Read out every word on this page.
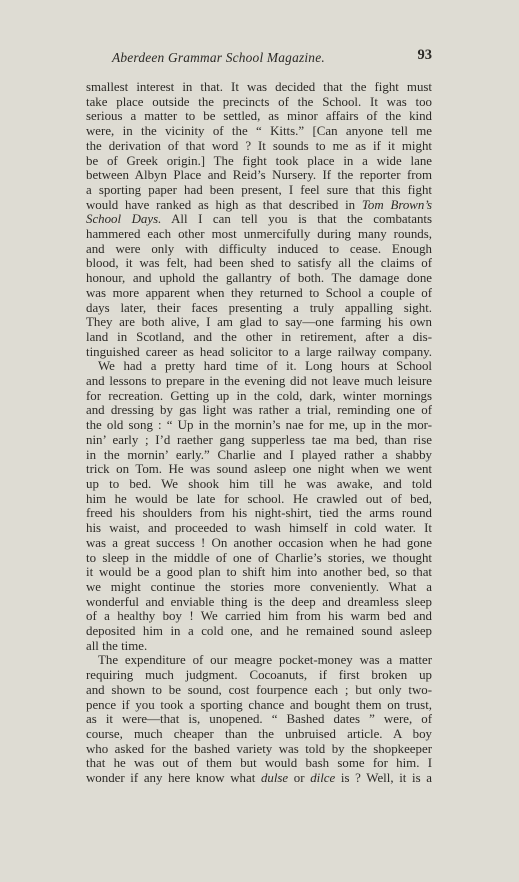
Aberdeen Grammar School Magazine.	93

smallest interest in that. It was decided that the fight must
take place outside the precincts of the School. It was too
serious a matter to be settled, as minor affairs of the kind
were, in the vicinity of the “ Kitts.” [Can anyone tell me
the derivation of that word ? It sounds to me as if it might
be of Greek origin.] The fight took place in a wide lane
between Albyn Place and Reid’s Nursery. If the reporter from
a sporting paper had been present, I feel sure that this fight
would have ranked as high as that described in Tom Brown’s
School Days. All I can tell you is that the combatants
hammered each other most unmercifully during many rounds,
and were only with difficulty induced to cease. Enough
blood, it was felt, had been shed to satisfy all the claims of
honour, and uphold the gallantry of both. The damage done
was more apparent when they returned to School a couple of
days later, their faces presenting a truly appalling sight.
They are both alive, I am glad to say—one farming his own
land in Scotland, and the other in retirement, after a dis-
tinguished career as head solicitor to a large railway company.

We had a pretty hard time of it. Long hours at School
and lessons to prepare in the evening did not leave much leisure
for recreation. Getting up in the cold, dark, winter mornings
and dressing by gas light was rather a trial, reminding one of
the old song : “ Up in the mornin’s nae for me, up in the mor-
nin’ early ; I’d raether gang supperless tae ma bed, than rise
in the mornin’ early.” Charlie and I played rather a shabby
trick on Tom. He was sound asleep one night when we went
up to bed. We shook him till he was awake, and told
him he would be late for school. He crawled out of bed,
freed his shoulders from his night-shirt, tied the arms round
his waist, and proceeded to wash himself in cold water. It
was a great success ! On another occasion when he had gone
to sleep in the middle of one of Charlie’s stories, we thought
it would be a good plan to shift him into another bed, so that
we might continue the stories more conveniently. What a
wonderful and enviable thing is the deep and dreamless sleep
of a healthy boy ! We carried him from his warm bed and
deposited him in a cold one, and he remained sound asleep
all the time.

The expenditure of our meagre pocket-money was a matter
requiring much judgment. Cocoanuts, if first broken up
and shown to be sound, cost fourpence each ; but only two-
pence if you took a sporting chance and bought them on trust,
as it were—that is, unopened. “ Bashed dates ” were, of
course, much cheaper than the unbruised article. A boy
who asked for the bashed variety was told by the shopkeeper
that he was out of them but would bash some for him. I
wonder if any here know what dulse or dilce is ? Well, it is a
